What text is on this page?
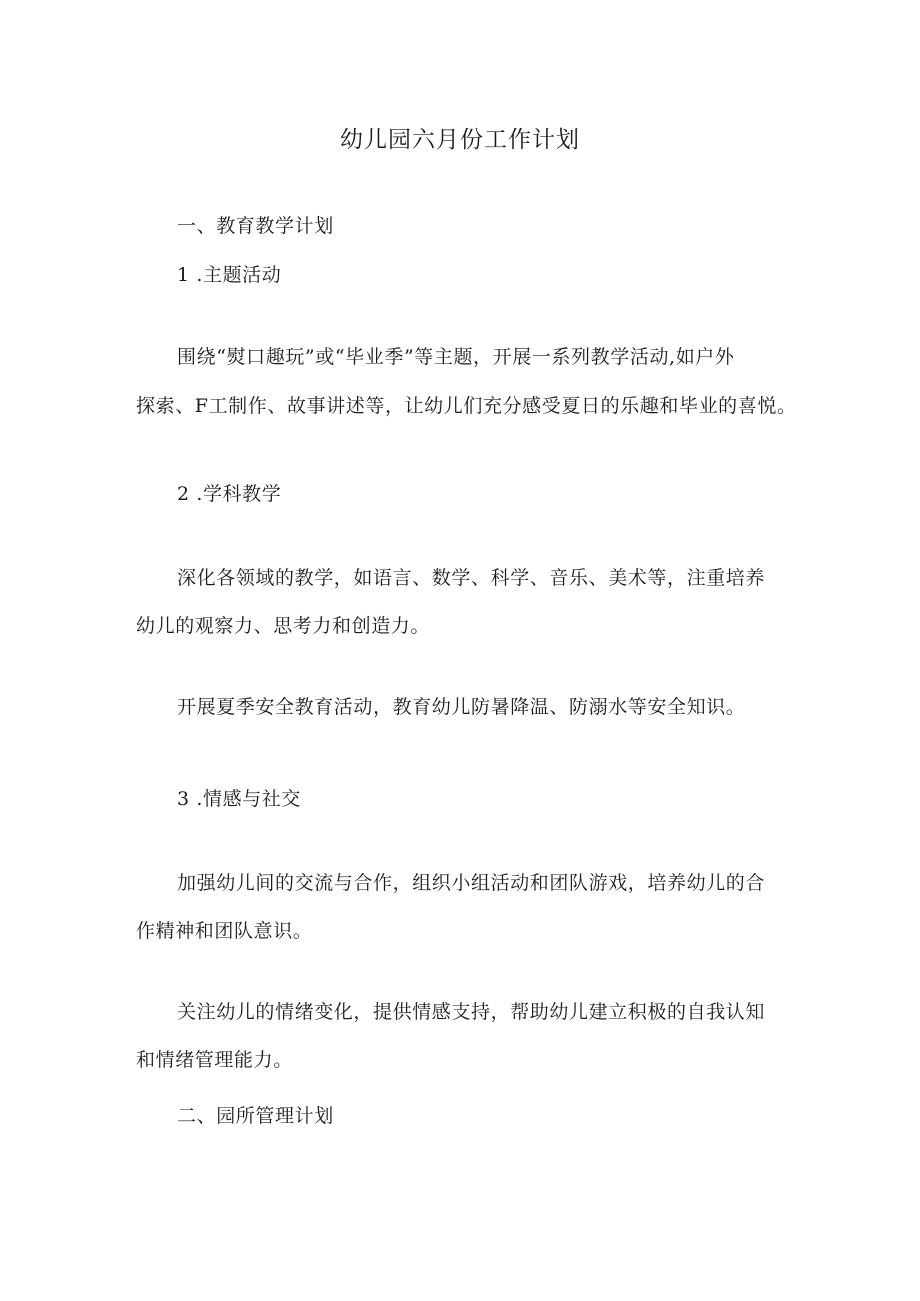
幼儿园六月份工作计划
一、教育教学计划
1 .主题活动
围绕“熨口趣玩”或“毕业季”等主题，开展一系列教学活动,如户外
探索、F工制作、故事讲述等，让幼儿们充分感受夏日的乐趣和毕业的喜悦。
2 .学科教学
深化各领域的教学，如语言、数学、科学、音乐、美术等，注重培养
幼儿的观察力、思考力和创造力。
开展夏季安全教育活动，教育幼儿防暑降温、防溺水等安全知识。
3 .情感与社交
加强幼儿间的交流与合作，组织小组活动和团队游戏，培养幼儿的合
作精神和团队意识。
关注幼儿的情绪变化，提供情感支持，帮助幼儿建立积极的自我认知
和情绪管理能力。
二、园所管理计划
